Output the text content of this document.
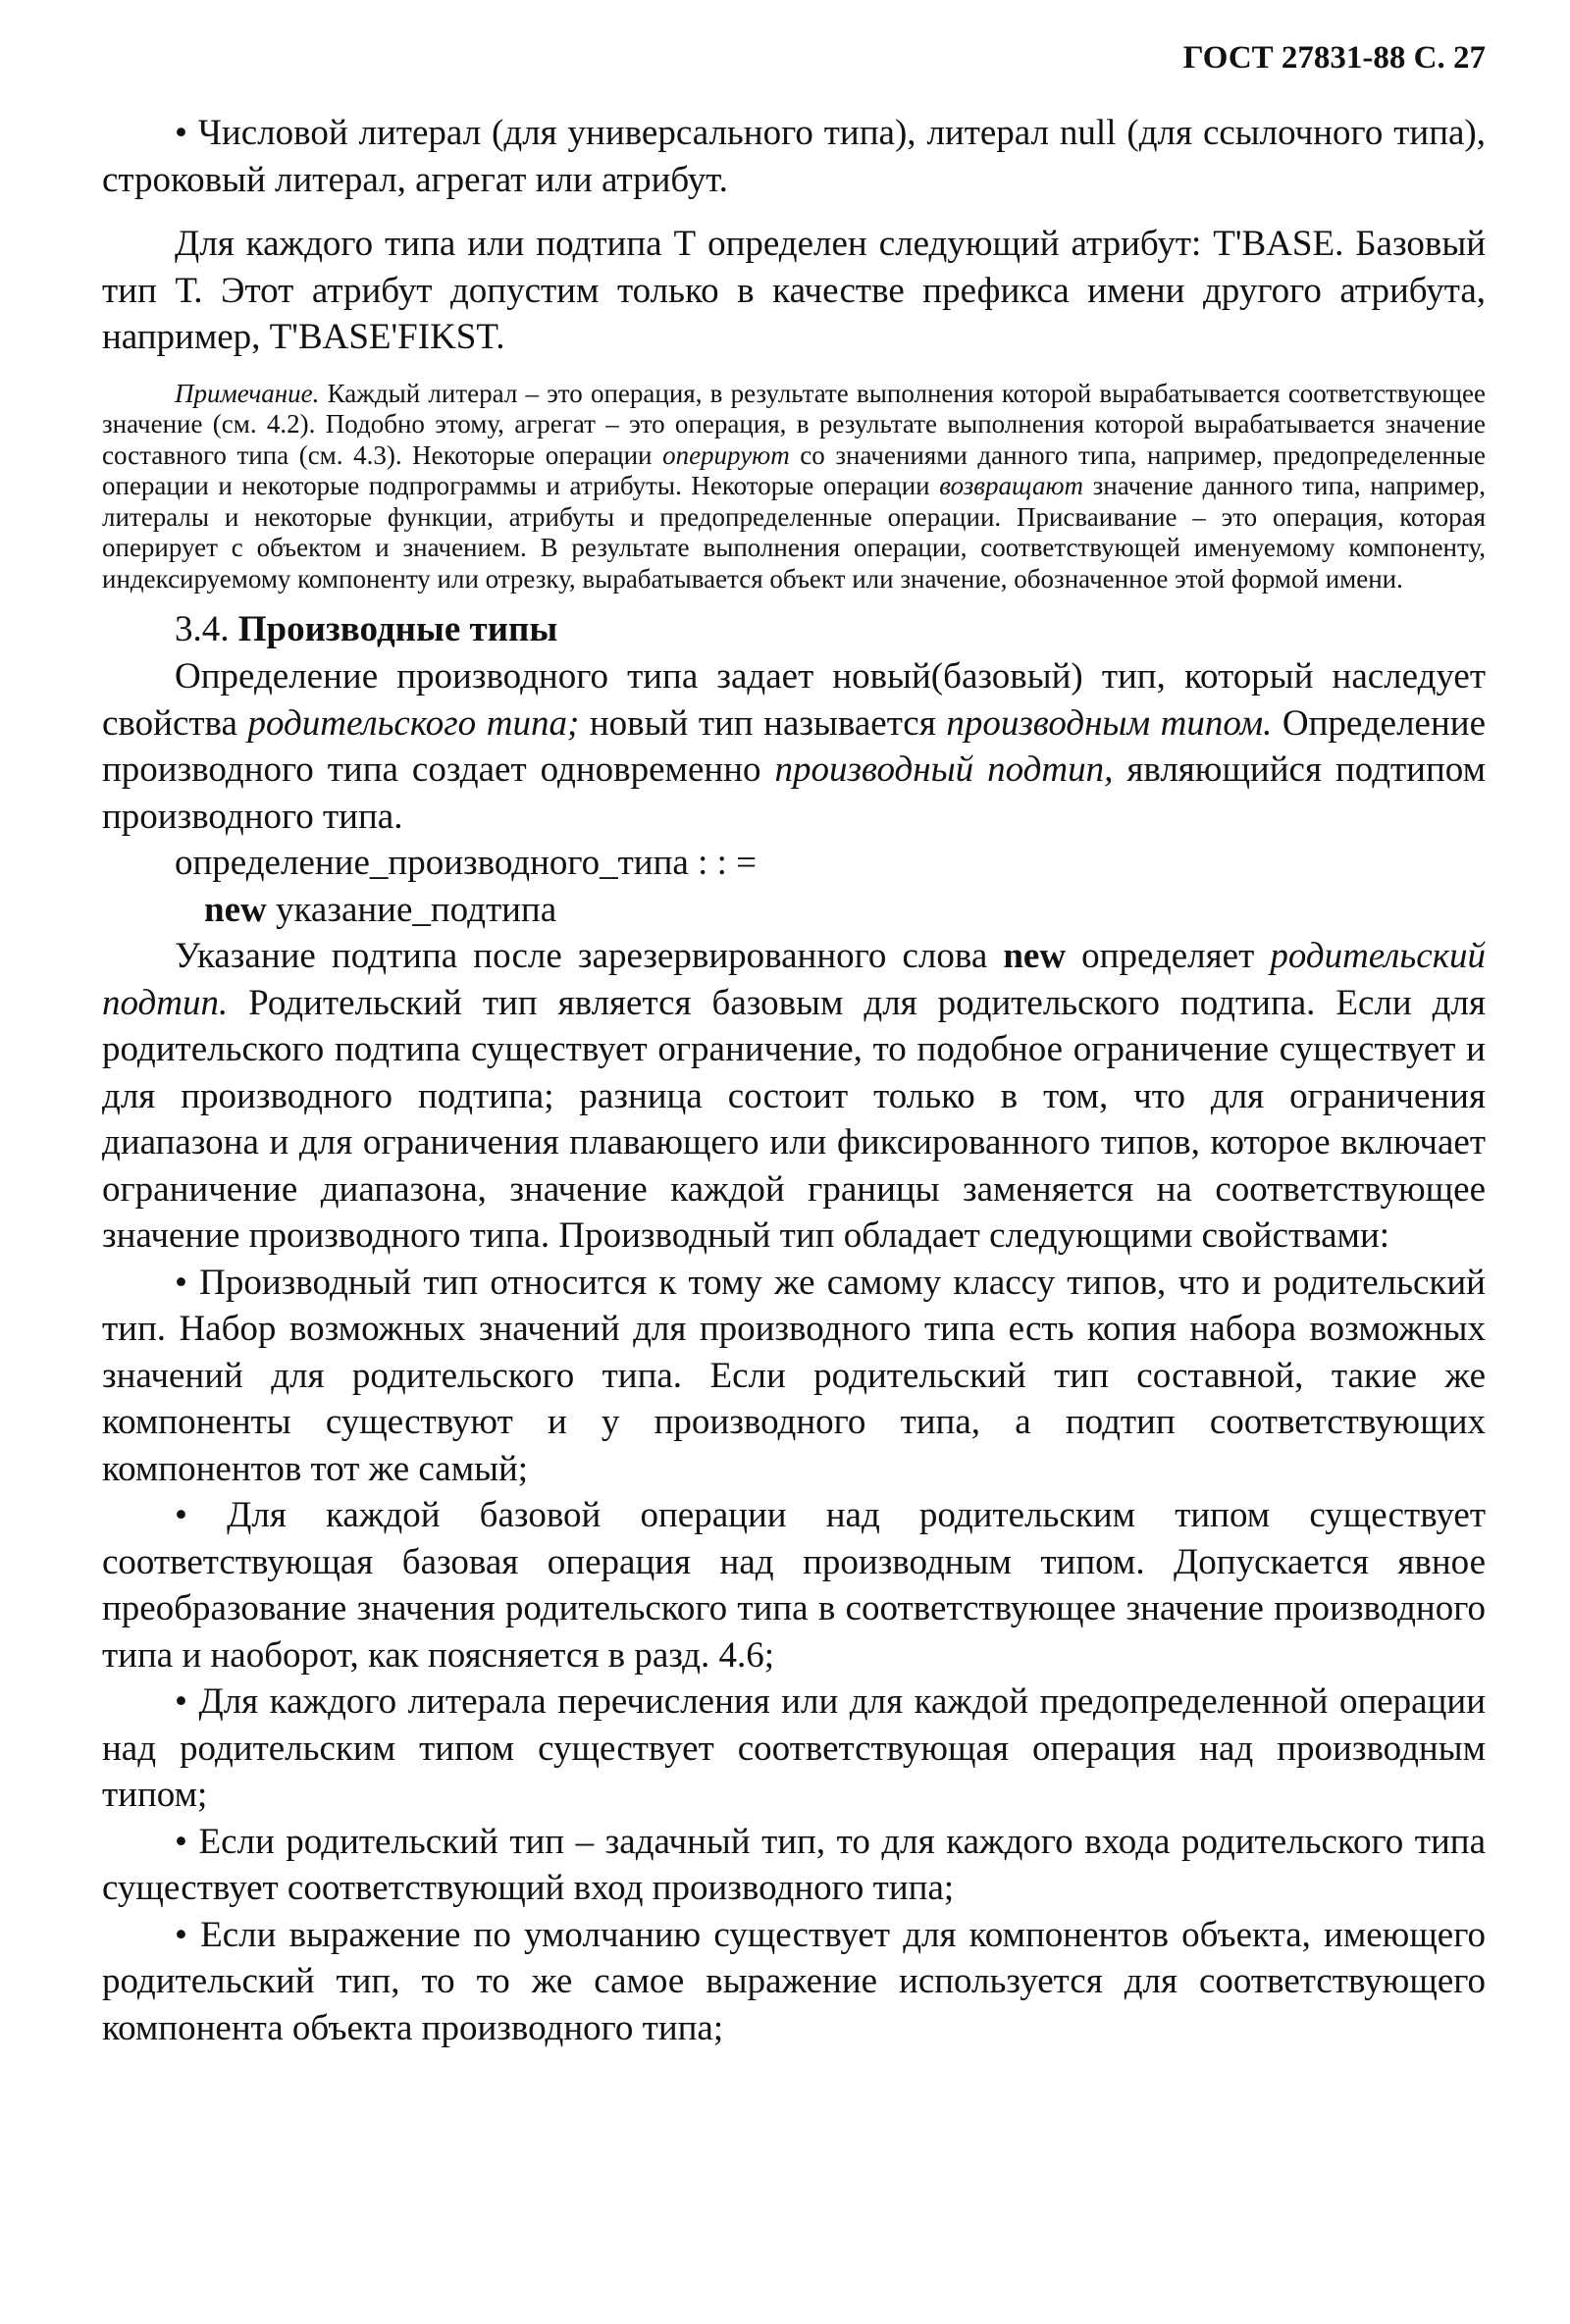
ГОСТ 27831-88 С. 27

• Числовой литерал (для универсального типа), литерал null (для ссылочного типа), строковый литерал, агрегат или атрибут.

Для каждого типа или подтипа Т определен следующий атрибут: T'BASE. Базовый тип Т. Этот атрибут допустим только в качестве префикса имени другого атрибута, например, T'BASE'FIKST.

Примечание. Каждый литерал – это операция, в результате выполнения которой вырабатывается соответствующее значение (см. 4.2). Подобно этому, агрегат – это операция, в результате выполнения которой вырабатывается значение составного типа (см. 4.3). Некоторые операции оперируют со значениями данного типа, например, предопределенные операции и некоторые подпрограммы и атрибуты. Некоторые операции возвращают значение данного типа, например, литералы и некоторые функции, атрибуты и предопределенные операции. Присваивание – это операция, которая оперирует с объектом и значением. В результате выполнения операции, соответствующей именуемому компоненту, индексируемому компоненту или отрезку, вырабатывается объект или значение, обозначенное этой формой имени.

3.4. Производные типы

Определение производного типа задает новый(базовый) тип, который наследует свойства родительского типа; новый тип называется производным типом. Определение производного типа создает одновременно производный подтип, являющийся подтипом производного типа.

определение_производного_типа : : =

new указание_подтипа

Указание подтипа после зарезервированного слова new определяет родительский подтип. Родительский тип является базовым для родительского подтипа. Если для родительского подтипа существует ограничение, то подобное ограничение существует и для производного подтипа; разница состоит только в том, что для ограничения диапазона и для ограничения плавающего или фиксированного типов, которое включает ограничение диапазона, значение каждой границы заменяется на соответствующее значение производного типа. Производный тип обладает следующими свойствами:

• Производный тип относится к тому же самому классу типов, что и родительский тип. Набор возможных значений для производного типа есть копия набора возможных значений для родительского типа. Если родительский тип составной, такие же компоненты существуют и у производного типа, а подтип соответствующих компонентов тот же самый;

• Для каждой базовой операции над родительским типом существует соответствующая базовая операция над производным типом. Допускается явное преобразование значения родительского типа в соответствующее значение производного типа и наоборот, как поясняется в разд. 4.6;

• Для каждого литерала перечисления или для каждой предопределенной операции над родительским типом существует соответствующая операция над производным типом;

• Если родительский тип – задачный тип, то для каждого входа родительского типа существует соответствующий вход производного типа;

• Если выражение по умолчанию существует для компонентов объекта, имеющего родительский тип, то то же самое выражение используется для соответствующего компонента объекта производного типа;
